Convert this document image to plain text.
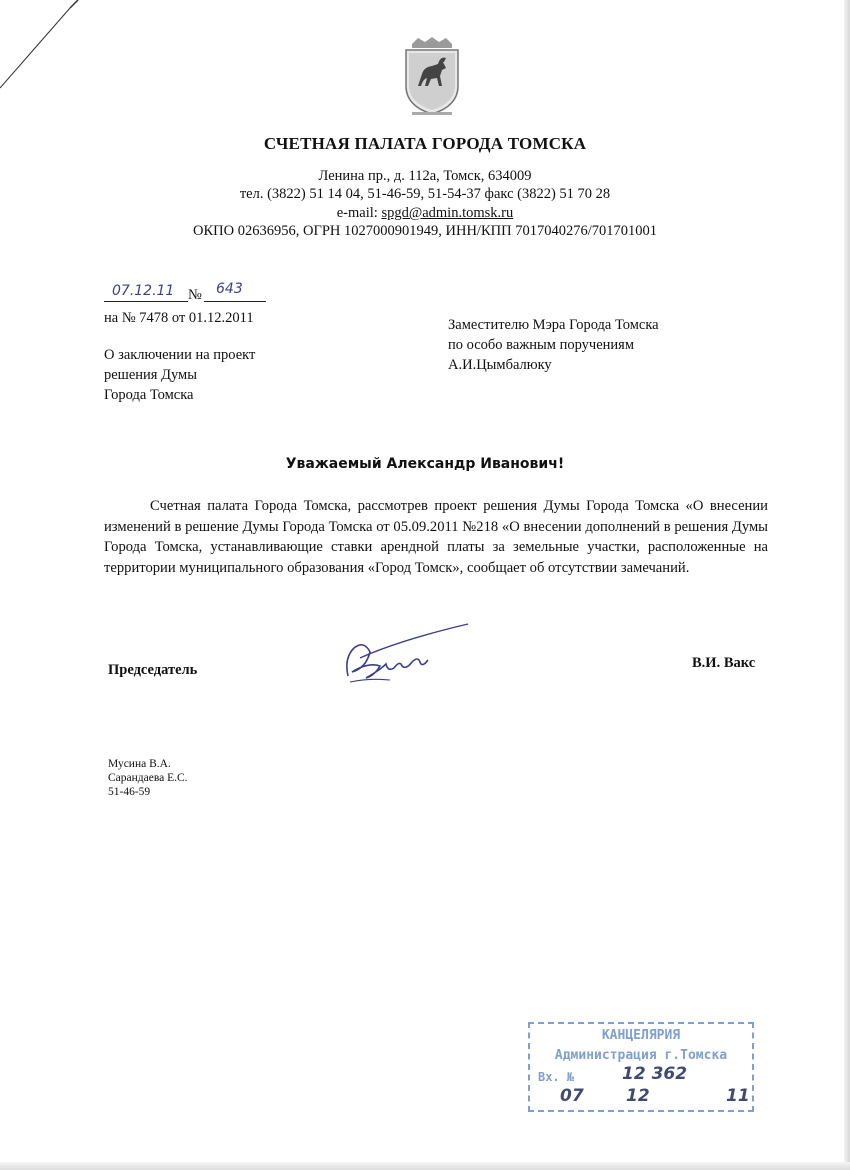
СЧЕТНАЯ ПАЛАТА ГОРОДА ТОМСКА
Ленина пр., д. 112а, Томск, 634009
тел. (3822) 51 14 04, 51-46-59, 51-54-37 факс (3822) 51 70 28
e-mail: spgd@admin.tomsk.ru
ОКПО 02636956, ОГРН 1027000901949, ИНН/КПП 7017040276/701701001
07.12.11 № 643
на № 7478 от 01.12.2011
О заключении на проект
решения Думы
Города Томска
Заместителю Мэра Города Томска
по особо важным поручениям
А.И.Цымбалюку
Уважаемый Александр Иванович!
Счетная палата Города Томска, рассмотрев проект решения Думы Города Томска «О внесении изменений в решение Думы Города Томска от 05.09.2011 №218 «О внесении дополнений в решения Думы Города Томска, устанавливающие ставки арендной платы за земельные участки, расположенные на территории муниципального образования «Город Томск», сообщает об отсутствии замечаний.
Председатель	В.И. Вакс
Мусина В.А.
Сарандаева Е.С.
51-46-59
КАНЦЕЛЯРИЯ
Администрация г.Томска
Вх. №	12 362
07 12	11
